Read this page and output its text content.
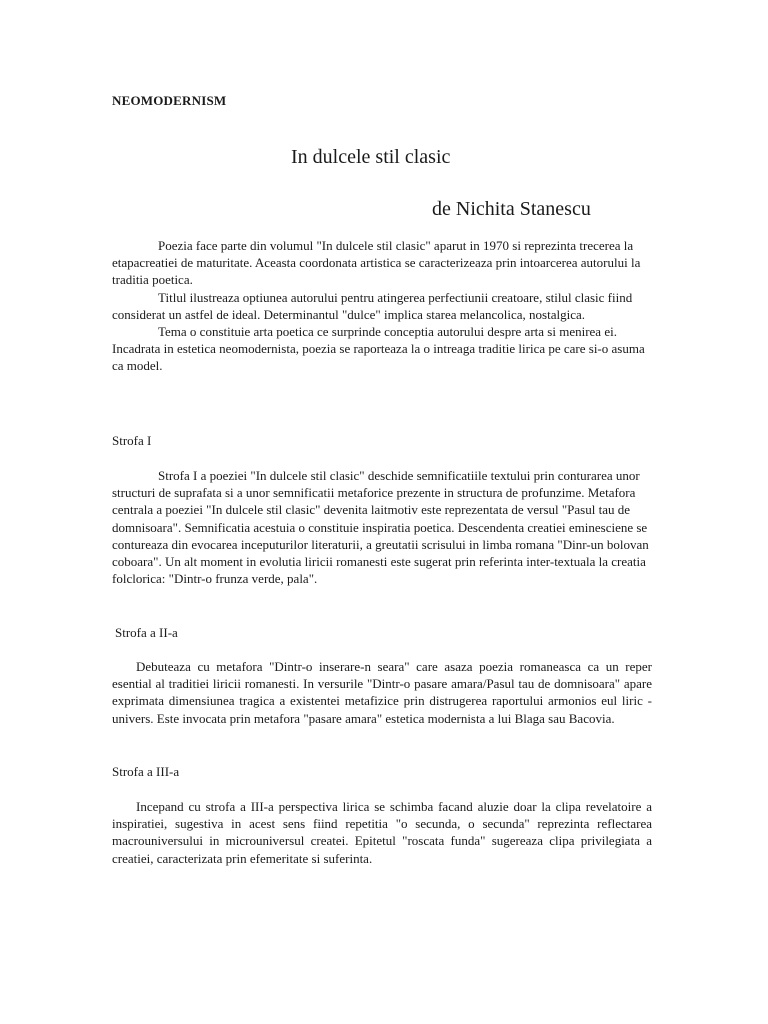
NEOMODERNISM
In dulcele stil clasic
de Nichita Stanescu

Poezia face parte din volumul "In dulcele stil clasic" aparut in 1970 si reprezinta trecerea la etapacreatiei de maturitate. Aceasta coordonata artistica se caracterizeaza prin intoarcerea autorului la traditia poetica.

Titlul ilustreaza optiunea autorului pentru atingerea perfectiunii creatoare, stilul clasic fiind considerat un astfel de ideal. Determinantul "dulce" implica starea melancolica, nostalgica.

Tema o constituie arta poetica ce surprinde conceptia autorului despre arta si menirea ei. Incadrata in estetica neomodernista, poezia se raporteaza la o intreaga traditie lirica pe care si-o asuma ca model.

Strofa I

Strofa I a poeziei "In dulcele stil clasic" deschide semnificatiile textului prin conturarea unor structuri de suprafata si a unor semnificatii metaforice prezente in structura de profunzime. Metafora centrala a poeziei "In dulcele stil clasic" devenita laitmotiv este reprezentata de versul "Pasul tau de domnisoara". Semnificatia acestuia o constituie inspiratia poetica. Descendenta creatiei eminesciene se contureaza din evocarea inceputurilor literaturii, a greutatii scrisului in limba romana "Dinr-un bolovan coboara". Un alt moment in evolutia liricii romanesti este sugerat prin referinta inter-textuala la creatia folclorica: "Dintr-o frunza verde, pala".

Strofa a II-a

Debuteaza cu metafora "Dintr-o inserare-n seara" care asaza poezia romaneasca ca un reper esential al traditiei liricii romanesti. In versurile "Dintr-o pasare amara/Pasul tau de domnisoara" apare exprimata dimensiunea tragica a existentei metafizice prin distrugerea raportului armonios eul liric - univers. Este invocata prin metafora "pasare amara" estetica modernista a lui Blaga sau Bacovia.

Strofa a III-a

Incepand cu strofa a III-a perspectiva lirica se schimba facand aluzie doar la clipa revelatoire a inspiratiei, sugestiva in acest sens fiind repetitia "o secunda, o secunda" reprezinta reflectarea macrouniversului in microuniversul createi. Epitetul "roscata funda" sugereaza clipa privilegiata a creatiei, caracterizata prin efemeritate si suferinta.
